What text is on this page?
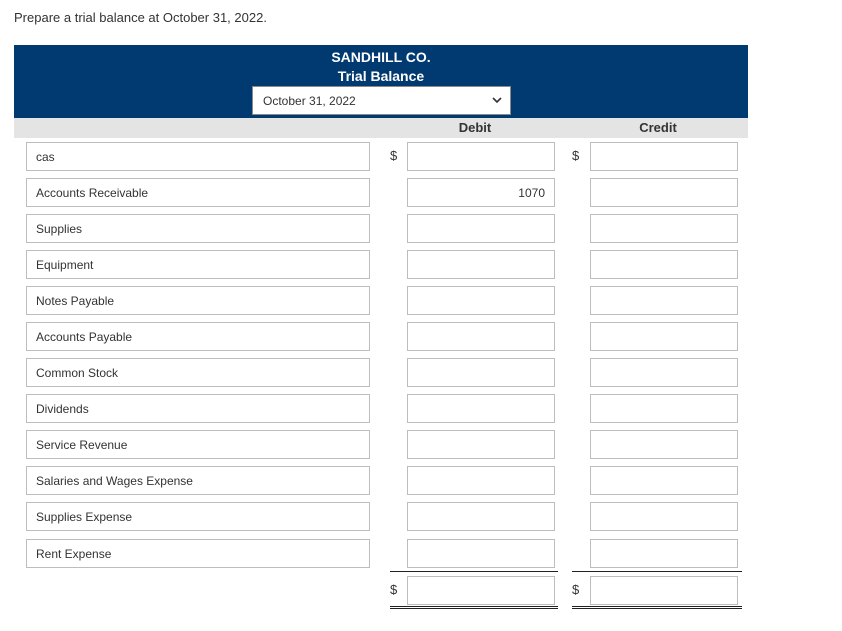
Prepare a trial balance at October 31, 2022.
SANDHILL CO.
Trial Balance
October 31, 2022
Debit	Credit
cas	$	$
Accounts Receivable	1070
Supplies
Equipment
Notes Payable
Accounts Payable
Common Stock
Dividends
Service Revenue
Salaries and Wages Expense
Supplies Expense
Rent Expense
$	$
